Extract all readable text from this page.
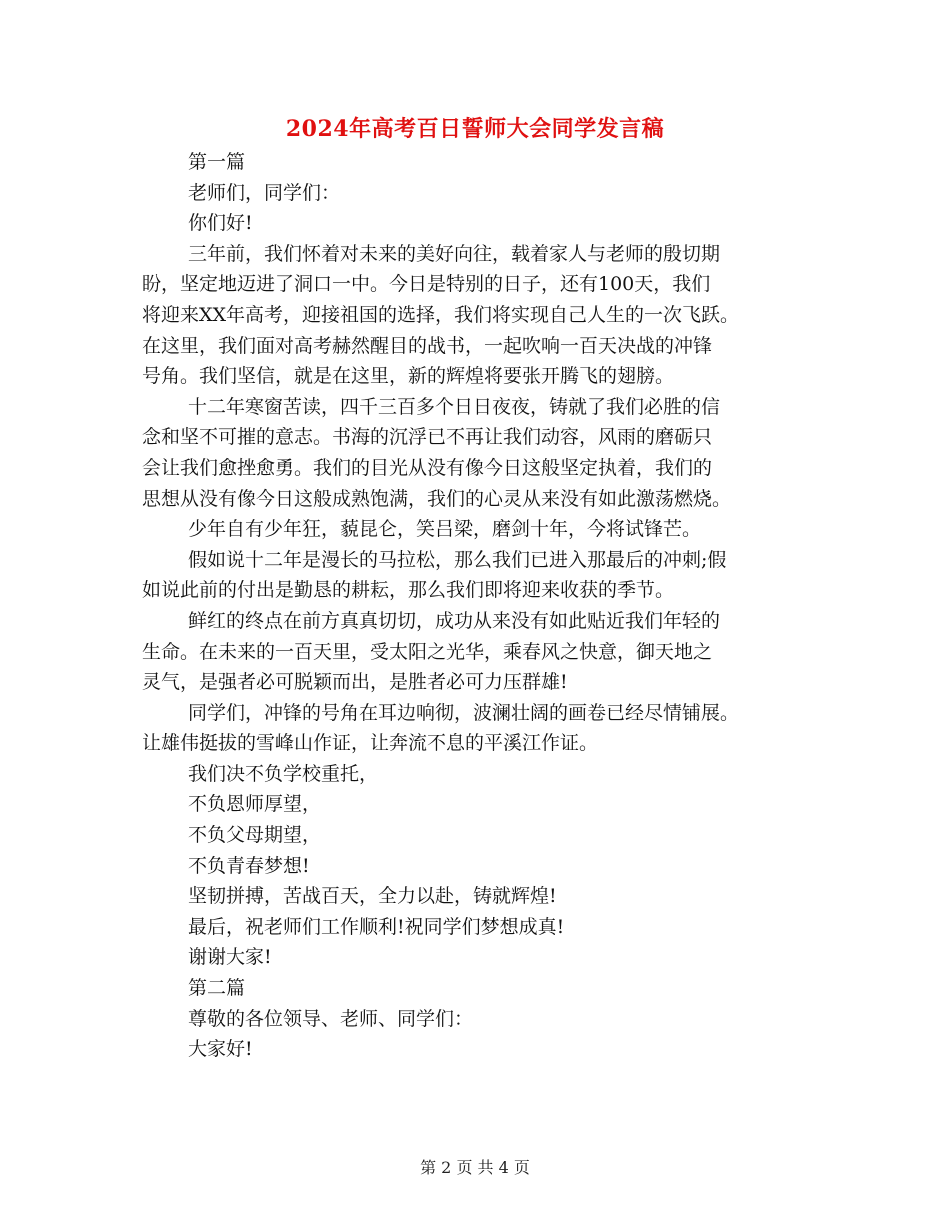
2024年高考百日誓师大会同学发言稿

第一篇

老师们，同学们：

你们好!

三年前，我们怀着对未来的美好向往，载着家人与老师的殷切期

盼，坚定地迈进了洞口一中。今日是特别的日子，还有100天，我们

将迎来XX年高考，迎接祖国的选择，我们将实现自己人生的一次飞跃。

在这里，我们面对高考赫然醒目的战书，一起吹响一百天决战的冲锋

号角。我们坚信，就是在这里，新的辉煌将要张开腾飞的翅膀。

十二年寒窗苦读，四千三百多个日日夜夜，铸就了我们必胜的信

念和坚不可摧的意志。书海的沉浮已不再让我们动容，风雨的磨砺只

会让我们愈挫愈勇。我们的目光从没有像今日这般坚定执着，我们的

思想从没有像今日这般成熟饱满，我们的心灵从来没有如此激荡燃烧。

少年自有少年狂，藐昆仑，笑吕梁，磨剑十年，今将试锋芒。

假如说十二年是漫长的马拉松，那么我们已进入那最后的冲刺;假

如说此前的付出是勤恳的耕耘，那么我们即将迎来收获的季节。

鲜红的终点在前方真真切切，成功从来没有如此贴近我们年轻的

生命。在未来的一百天里，受太阳之光华，乘春风之快意，御天地之

灵气，是强者必可脱颖而出，是胜者必可力压群雄!

同学们，冲锋的号角在耳边响彻，波澜壮阔的画卷已经尽情铺展。

让雄伟挺拔的雪峰山作证，让奔流不息的平溪江作证。

我们决不负学校重托，

不负恩师厚望，

不负父母期望，

不负青春梦想!

坚韧拼搏，苦战百天，全力以赴，铸就辉煌!

最后，祝老师们工作顺利!祝同学们梦想成真!

谢谢大家!

第二篇

尊敬的各位领导、老师、同学们：

大家好!

第 2 页 共 4 页
